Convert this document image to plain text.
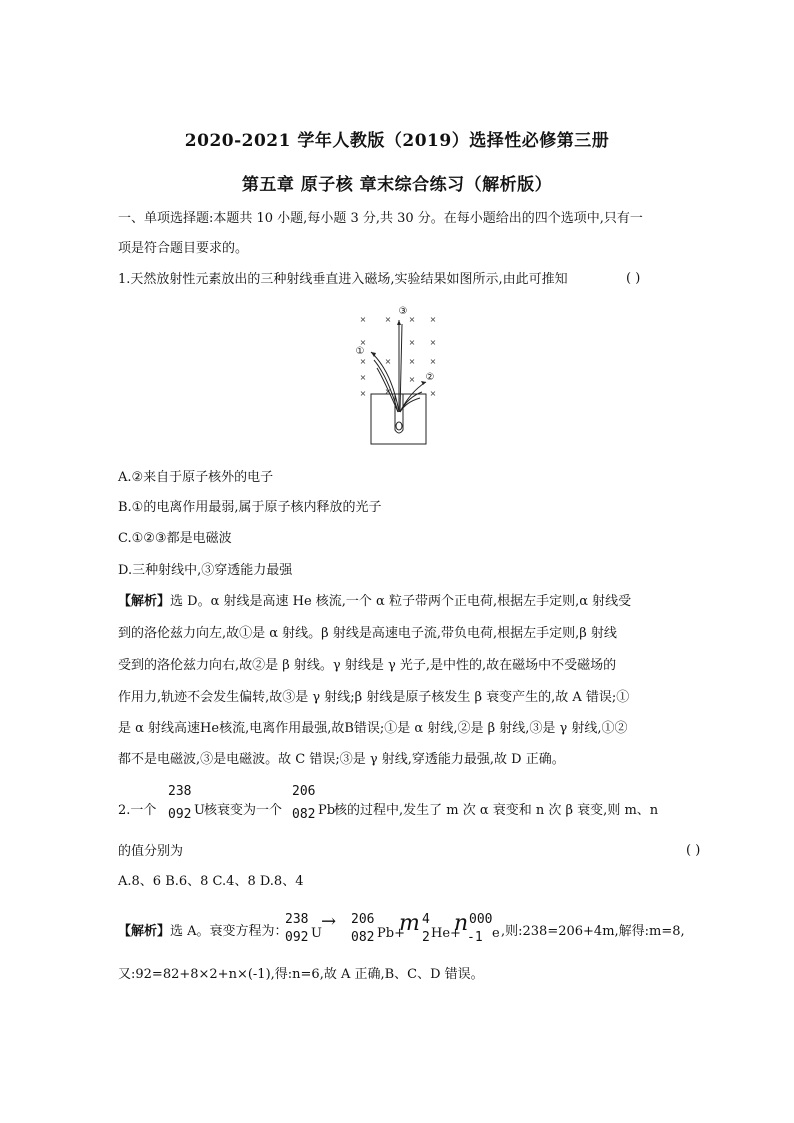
2020-2021 学年人教版（2019）选择性必修第三册
第五章 原子核 章末综合练习（解析版）
一、单项选择题:本题共 10 小题,每小题 3 分,共 30 分。在每小题给出的四个选项中,只有一
项是符合题目要求的。
1.天然放射性元素放出的三种射线垂直进入磁场,实验结果如图所示,由此可推知	( )
× × × ×
×	× ×
× × × ×
×	×
× ×	×
①
③
②
A.②来自于原子核外的电子
B.①的电离作用最弱,属于原子核内释放的光子
C.①②③都是电磁波
D.三种射线中,③穿透能力最强
【解析】选 D。α 射线是高速 He 核流,一个 α 粒子带两个正电荷,根据左手定则,α 射线受
到的洛伦兹力向左,故①是 α 射线。β 射线是高速电子流,带负电荷,根据左手定则,β 射线
受到的洛伦兹力向右,故②是 β 射线。γ 射线是 γ 光子,是中性的,故在磁场中不受磁场的
作用力,轨迹不会发生偏转,故③是 γ 射线;β 射线是原子核发生 β 衰变产生的,故 A 错误;①
是 α 射线高速He核流,电离作用最强,故B错误;①是 α 射线,②是 β 射线,③是 γ 射线,①②
都不是电磁波,③是电磁波。故 C 错误;③是 γ 射线,穿透能力最强,故 D 正确。
2.一个
238
092 U 核衰变为一个
206
082 Pb
核的过程中,发生了 m 次 α 衰变和 n 次 β 衰变,则 m、n
的值分别为	( )
A.8、6 B.6、8 C.4、8 D.8、4
【解析】选 A。衰变方程为：
238
092 U
→ 206
082 Pb+
m 4
2 He+
n 000
-1 e ,则:238=206+4m,解得:m=8,
又:92=82+8×2+n×(-1),得:n=6,故 A 正确,B、C、D 错误。
